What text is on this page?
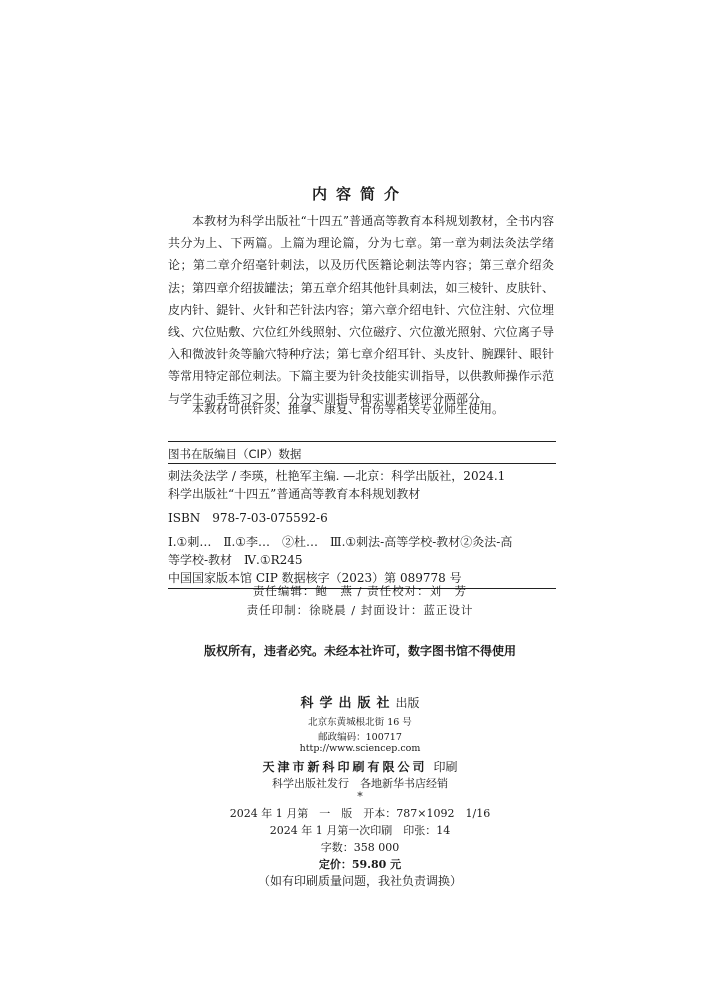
内容简介

本教材为科学出版社“十四五”普通高等教育本科规划教材，全书内容共分为上、下两篇。上篇为理论篇，分为七章。第一章为刺法灸法学绪论；第二章介绍毫针刺法，以及历代医籍论刺法等内容；第三章介绍灸法；第四章介绍拔罐法；第五章介绍其他针具刺法，如三棱针、皮肤针、皮内针、鍉针、火针和芒针法内容；第六章介绍电针、穴位注射、穴位埋线、穴位贴敷、穴位红外线照射、穴位磁疗、穴位激光照射、穴位离子导入和微波针灸等腧穴特种疗法；第七章介绍耳针、头皮针、腕踝针、眼针等常用特定部位刺法。下篇主要为针灸技能实训指导，以供教师操作示范与学生动手练习之用，分为实训指导和实训考核评分两部分。

本教材可供针灸、推拿、康复、骨伤等相关专业师生使用。

图书在版编目（CIP）数据
刺法灸法学 / 李瑛，杜艳军主编. —北京：科学出版社，2024.1
科学出版社“十四五”普通高等教育本科规划教材
ISBN　978-7-03-075592-6
Ⅰ.①刺…　Ⅱ.①李…　②杜…　Ⅲ.①刺法-高等学校-教材②灸法-高
等学校-教材　Ⅳ.①R245
中国国家版本馆 CIP 数据核字（2023）第 089778 号
责任编辑：鲍　燕 / 责任校对：刘　芳
责任印制：徐晓晨 / 封面设计：蓝正设计
版权所有，违者必究。未经本社许可，数字图书馆不得使用
科学出版社出版
北京东黄城根北街 16 号
邮政编码：100717
http://www.sciencep.com
天津市新科印刷有限公司 印刷
科学出版社发行　各地新华书店经销
*
2024 年 1 月第　一　版　开本：787×1092　1/16
2024 年 1 月第一次印刷　印张：14
字数：358 000
定价：59.80 元
（如有印刷质量问题，我社负责调换）
